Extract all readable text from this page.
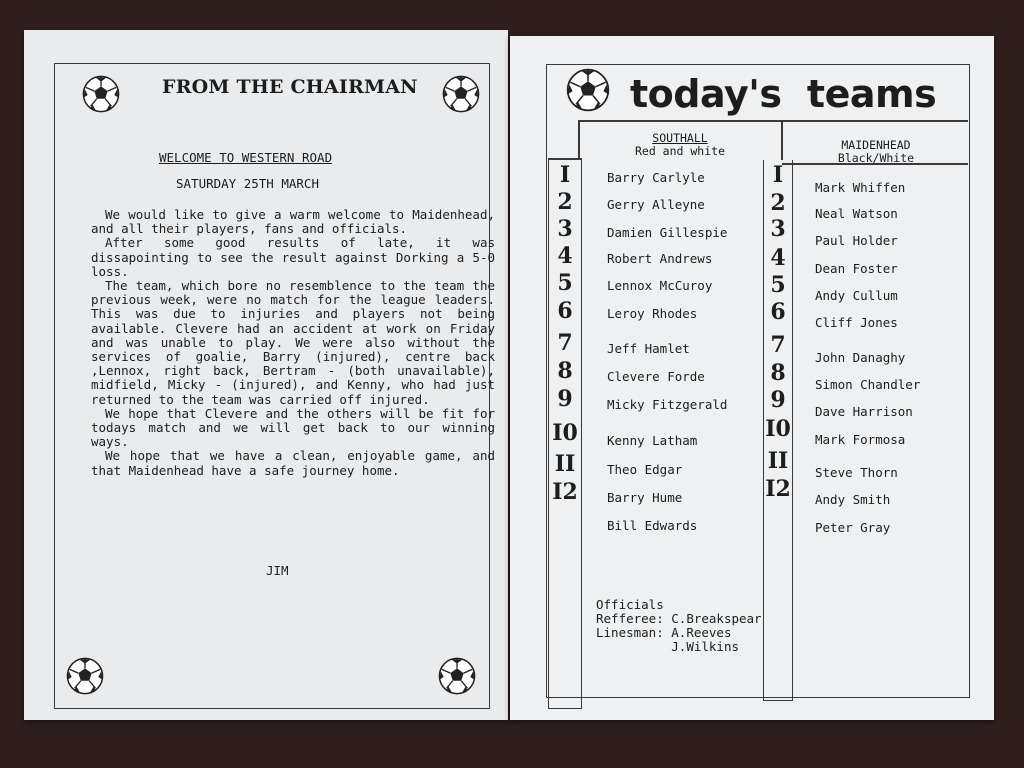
FROM THE CHAIRMAN
WELCOME TO WESTERN ROAD
SATURDAY 25TH MARCH

We would like to give a warm welcome to Maidenhead, and all their players, fans and officials.

After some good results of late, it was dissapointing to see the result against Dorking a 5-0 loss.

The team, which bore no resemblence to the team the previous week, were no match for the league leaders. This was due to injuries and players not being available. Clevere had an accident at work on Friday and was unable to play. We were also without the services of goalie, Barry (injured), centre back ,Lennox, right back, Bertram - (both unavailable), midfield, Micky - (injured), and Kenny, who had just returned to the team was carried off injured.

We hope that Clevere and the others will be fit for todays match and we will get back to our winning ways.

We hope that we have a clean, enjoyable game, and that Maidenhead have a safe journey home.

JIM
today's  teams
SOUTHALL
Red and white	MAIDENHEAD
Black/White
I
2
3
4
5
6
7
8
9
I0
II
I2
I
2
3
4
5
6
7
8
9
I0
II
I2
Barry Carlyle
Gerry Alleyne
Damien Gillespie
Robert Andrews
Lennox McCuroy
Leroy Rhodes
Jeff Hamlet
Clevere Forde
Micky Fitzgerald
Kenny Latham
Theo Edgar
Barry Hume
Bill Edwards
Mark Whiffen
Neal Watson
Paul Holder
Dean Foster
Andy Cullum
Cliff Jones
John Danaghy
Simon Chandler
Dave Harrison
Mark Formosa
Steve Thorn
Andy Smith
Peter Gray
Officials
Refferee: C.Breakspear
Linesman: A.Reeves
J.Wilkins
